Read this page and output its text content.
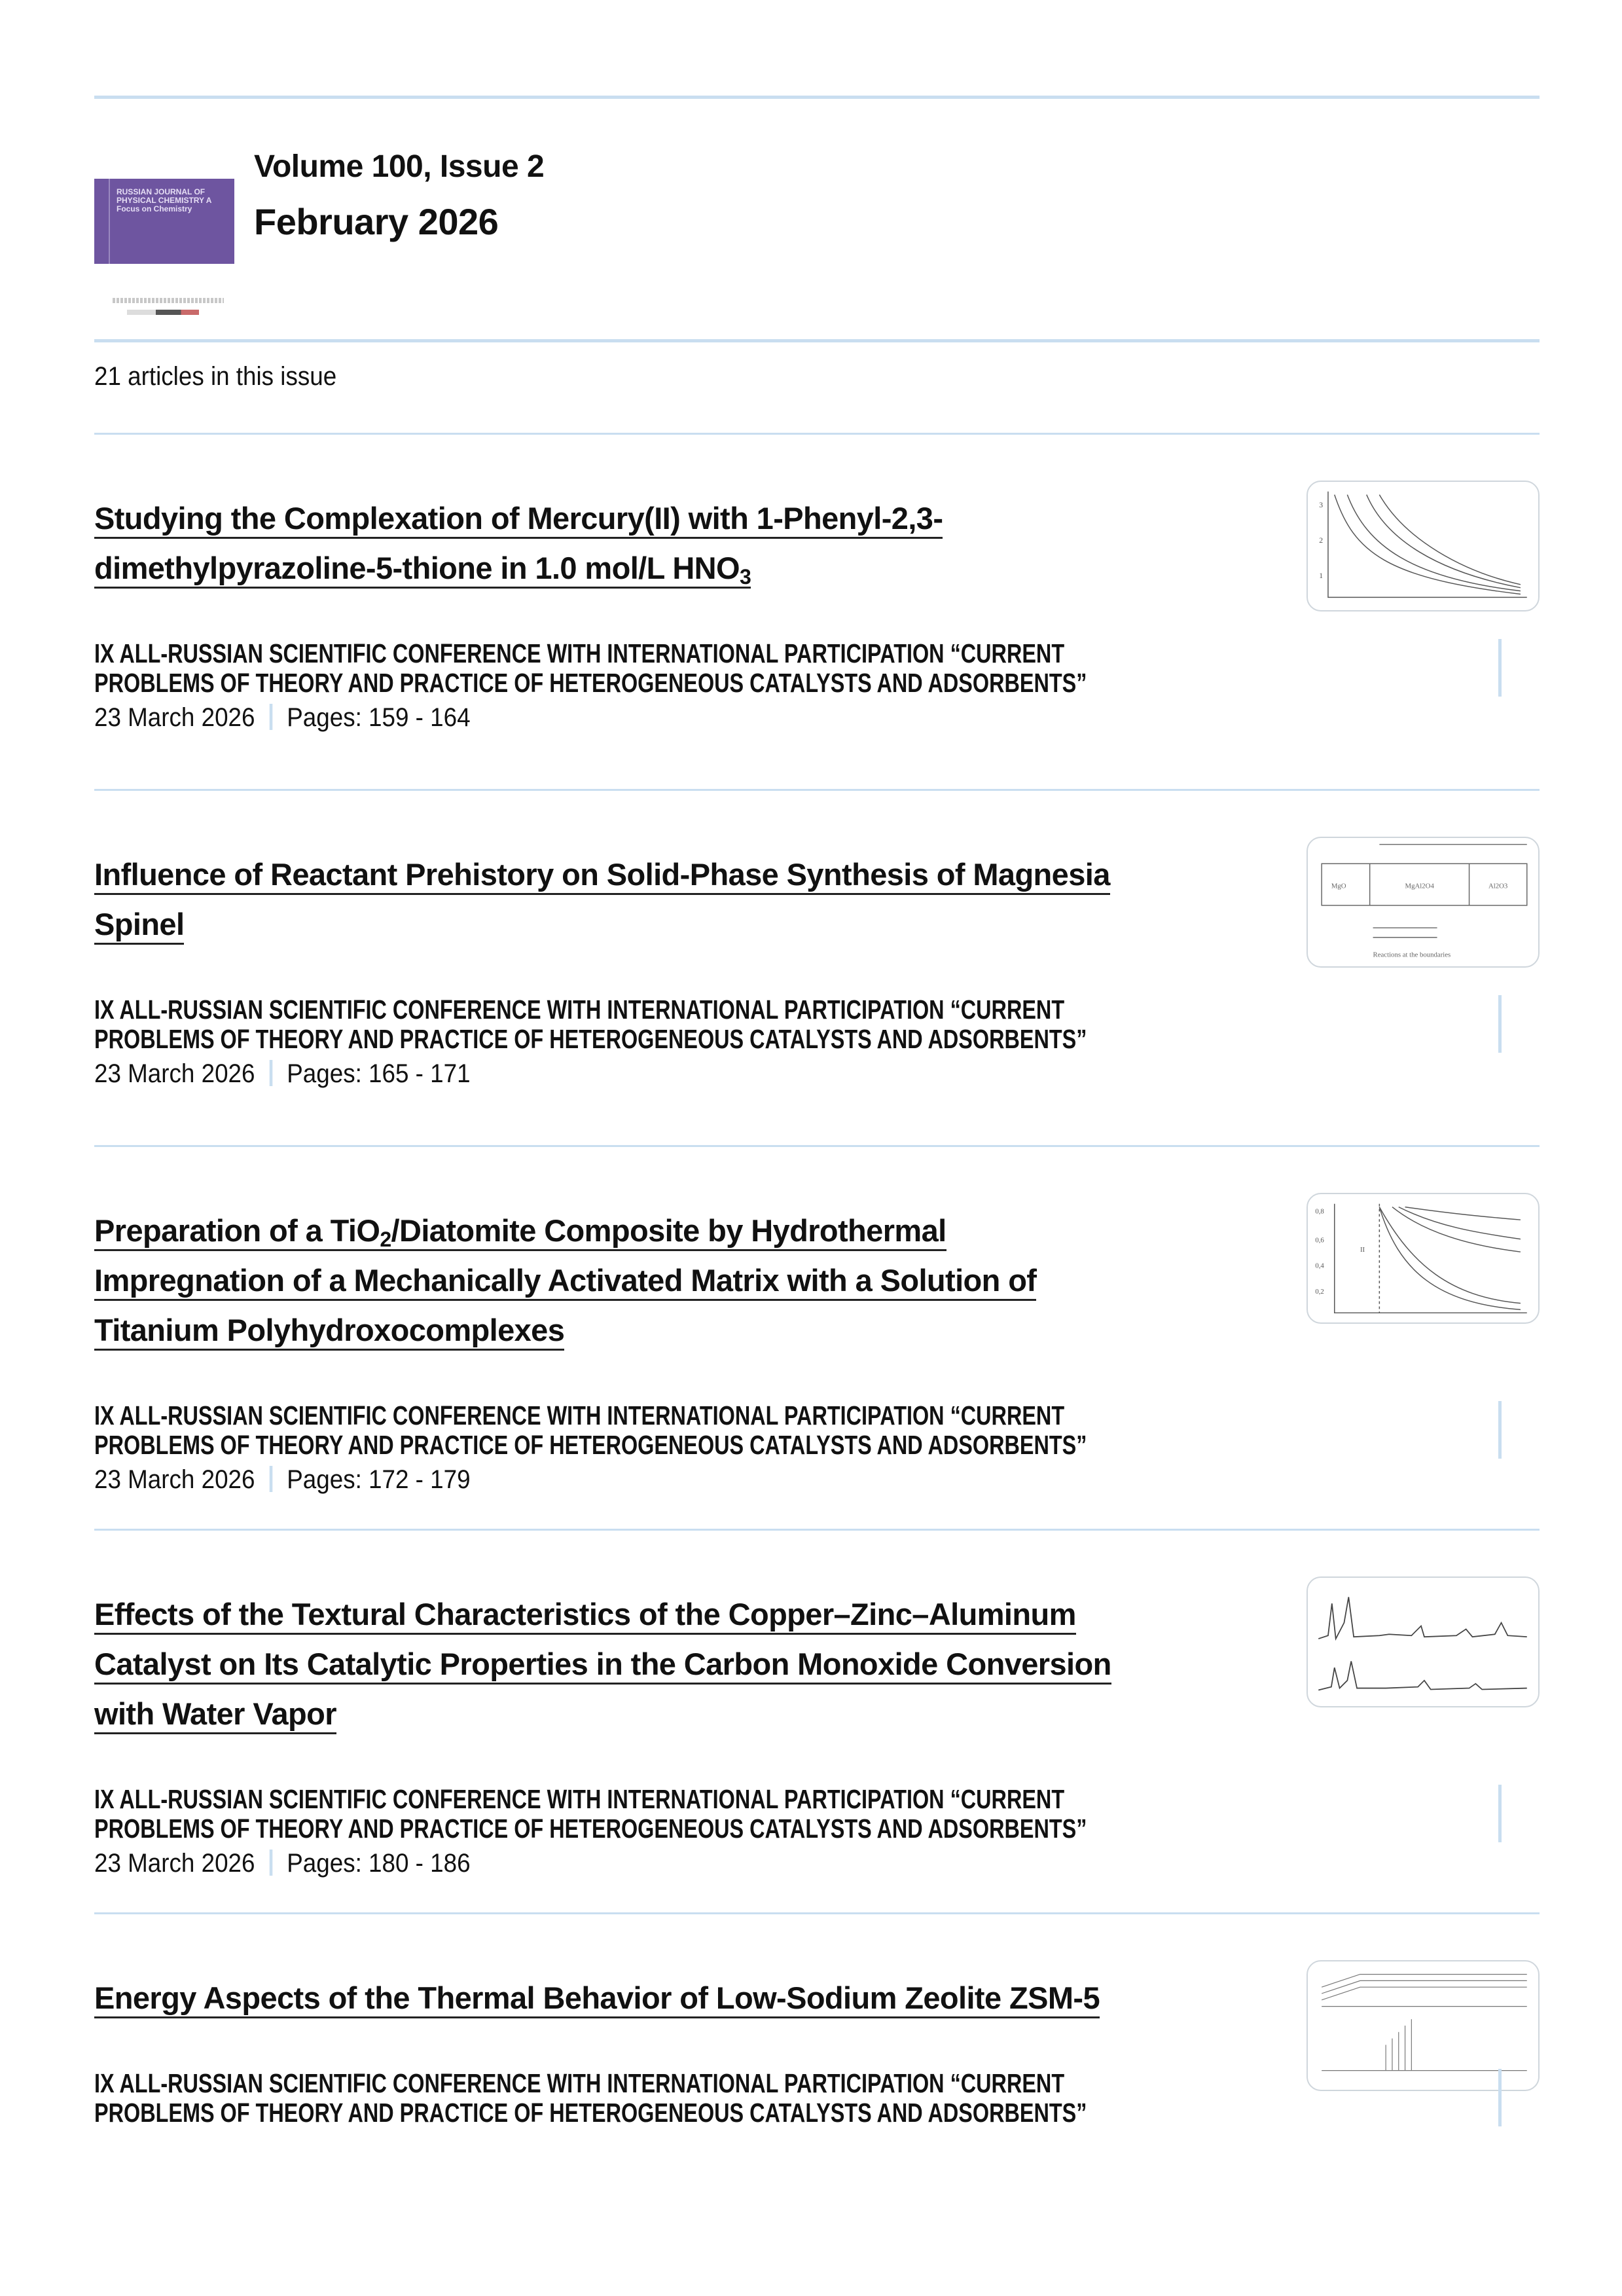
RUSSIAN JOURNAL OF PHYSICAL CHEMISTRY A Focus on Chemistry
Volume 100, Issue 2
February 2026
21 articles in this issue
Studying the Complexation of Mercury(II) with 1-Phenyl-2,3-
dimethylpyrazoline-5-thione in 1.0 mol/L $HNO_3$
3
2
1
IX ALL-RUSSIAN SCIENTIFIC CONFERENCE WITH INTERNATIONAL PARTICIPATION “CURRENT
PROBLEMS OF THEORY AND PRACTICE OF HETEROGENEOUS CATALYSTS AND ADSORBENTS”
23 March 2026 Pages: 159 - 164
Influence of Reactant Prehistory on Solid-Phase Synthesis of Magnesia
Spinel
MgO	MgAl2O4	Al2O3
Reactions at the boundaries
IX ALL-RUSSIAN SCIENTIFIC CONFERENCE WITH INTERNATIONAL PARTICIPATION “CURRENT
PROBLEMS OF THEORY AND PRACTICE OF HETEROGENEOUS CATALYSTS AND ADSORBENTS”
23 March 2026 Pages: 165 - 171
Preparation of a TiO$_2$/Diatomite Composite by Hydrothermal
Impregnation of a Mechanically Activated Matrix with a Solution of
Titanium Polyhydroxocomplexes
0,8
0,6
0,4
0,2
II
IX ALL-RUSSIAN SCIENTIFIC CONFERENCE WITH INTERNATIONAL PARTICIPATION “CURRENT
PROBLEMS OF THEORY AND PRACTICE OF HETEROGENEOUS CATALYSTS AND ADSORBENTS”
23 March 2026 Pages: 172 - 179
Effects of the Textural Characteristics of the Copper–Zinc–Aluminum
Catalyst on Its Catalytic Properties in the Carbon Monoxide Conversion
with Water Vapor
IX ALL-RUSSIAN SCIENTIFIC CONFERENCE WITH INTERNATIONAL PARTICIPATION “CURRENT
PROBLEMS OF THEORY AND PRACTICE OF HETEROGENEOUS CATALYSTS AND ADSORBENTS”
23 March 2026 Pages: 180 - 186
Energy Aspects of the Thermal Behavior of Low-Sodium Zeolite ZSM-5
IX ALL-RUSSIAN SCIENTIFIC CONFERENCE WITH INTERNATIONAL PARTICIPATION “CURRENT
PROBLEMS OF THEORY AND PRACTICE OF HETEROGENEOUS CATALYSTS AND ADSORBENTS”
